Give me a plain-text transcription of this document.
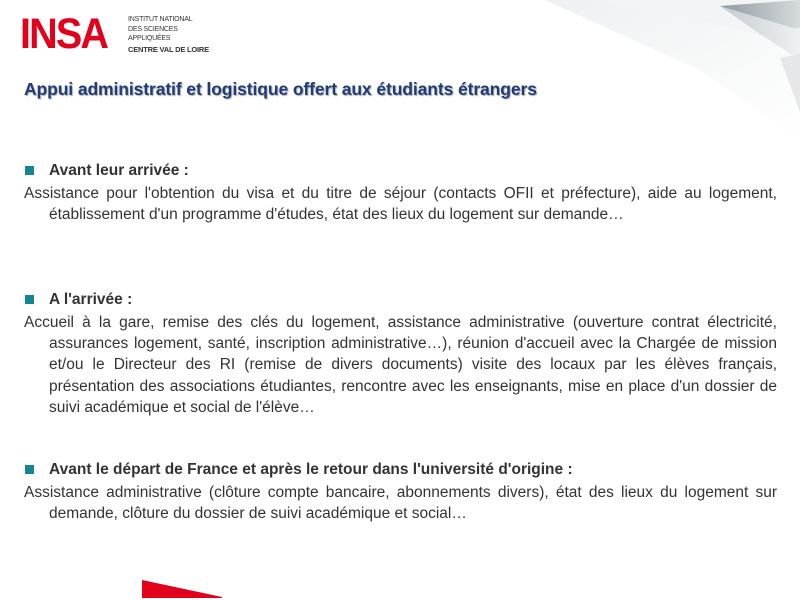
INSA	INSTITUT NATIONAL
DES SCIENCES
APPLIQUÉES
CENTRE VAL DE LOIRE
Appui administratif et logistique offert aux étudiants étrangers
Avant leur arrivée :
Assistance pour l'obtention du visa et du titre de séjour (contacts OFII et préfecture), aide au logement, établissement d'un programme d'études, état des lieux du logement sur demande…
A l'arrivée :
Accueil à la gare, remise des clés du logement, assistance administrative (ouverture contrat électricité, assurances logement, santé, inscription administrative…), réunion d'accueil avec la Chargée de mission et/ou le Directeur des RI (remise de divers documents) visite des locaux par les élèves français, présentation des associations étudiantes, rencontre avec les enseignants, mise en place d'un dossier de suivi académique et social de l'élève…
Avant le départ de France et après le retour dans l'université d'origine :
Assistance administrative (clôture compte bancaire, abonnements divers), état des lieux du logement sur demande, clôture du dossier de suivi académique et social…
